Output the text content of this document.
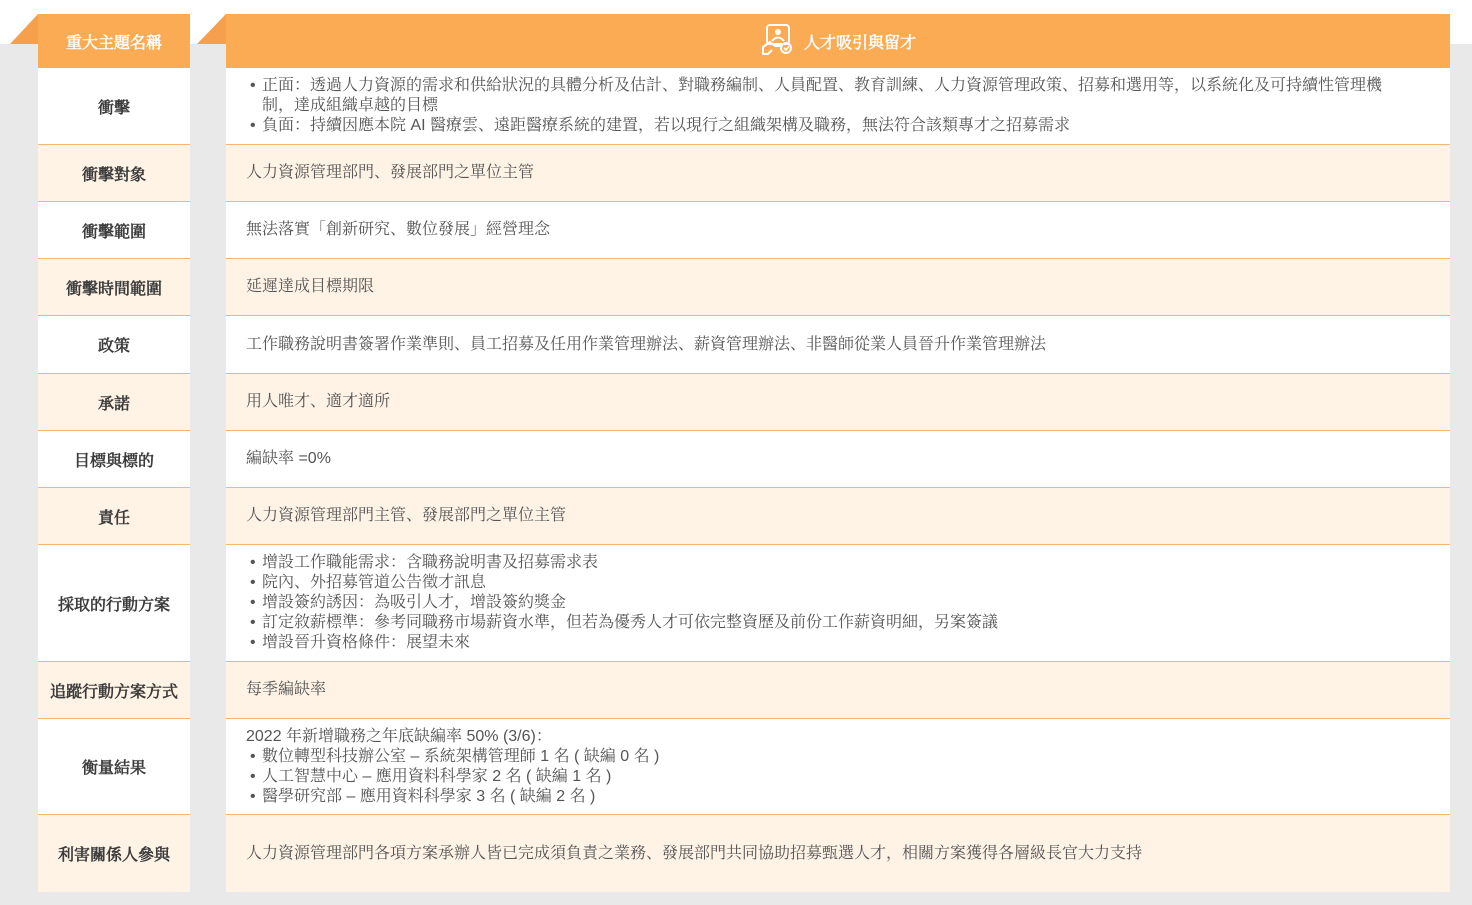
重大主題名稱
衝擊
衝擊對象
衝擊範圍
衝擊時間範圍
政策
承諾
目標與標的
責任
採取的行動方案
追蹤行動方案方式
衡量結果
利害關係人參與
人才吸引與留才
• 正面：透過人力資源的需求和供給狀況的具體分析及估計、對職務編制、人員配置、教育訓練、人力資源管理政策、招募和選用等，以系統化及可持續性管理機制，達成組織卓越的目標
• 負面：持續因應本院 AI 醫療雲、遠距醫療系統的建置，若以現行之組織架構及職務，無法符合該類專才之招募需求
人力資源管理部門、發展部門之單位主管
無法落實「創新研究、數位發展」經營理念
延遲達成目標期限
工作職務說明書簽署作業準則、員工招募及任用作業管理辦法、薪資管理辦法、非醫師從業人員晉升作業管理辦法
用人唯才、適才適所
編缺率 =0%
人力資源管理部門主管、發展部門之單位主管
• 增設工作職能需求：含職務說明書及招募需求表
• 院內、外招募管道公告徵才訊息
• 增設簽約誘因：為吸引人才，增設簽約獎金
• 訂定敘薪標準：參考同職務市場薪資水準，但若為優秀人才可依完整資歷及前份工作薪資明細，另案簽議
• 增設晉升資格條件：展望未來
每季編缺率
2022 年新增職務之年底缺編率 50% (3/6)：
• 數位轉型科技辦公室 – 系統架構管理師 1 名 ( 缺編 0 名 )
• 人工智慧中心 – 應用資料科學家 2 名 ( 缺編 1 名 )
• 醫學研究部 – 應用資料科學家 3 名 ( 缺編 2 名 )
人力資源管理部門各項方案承辦人皆已完成須負責之業務、發展部門共同協助招募甄選人才，相關方案獲得各層級長官大力支持
